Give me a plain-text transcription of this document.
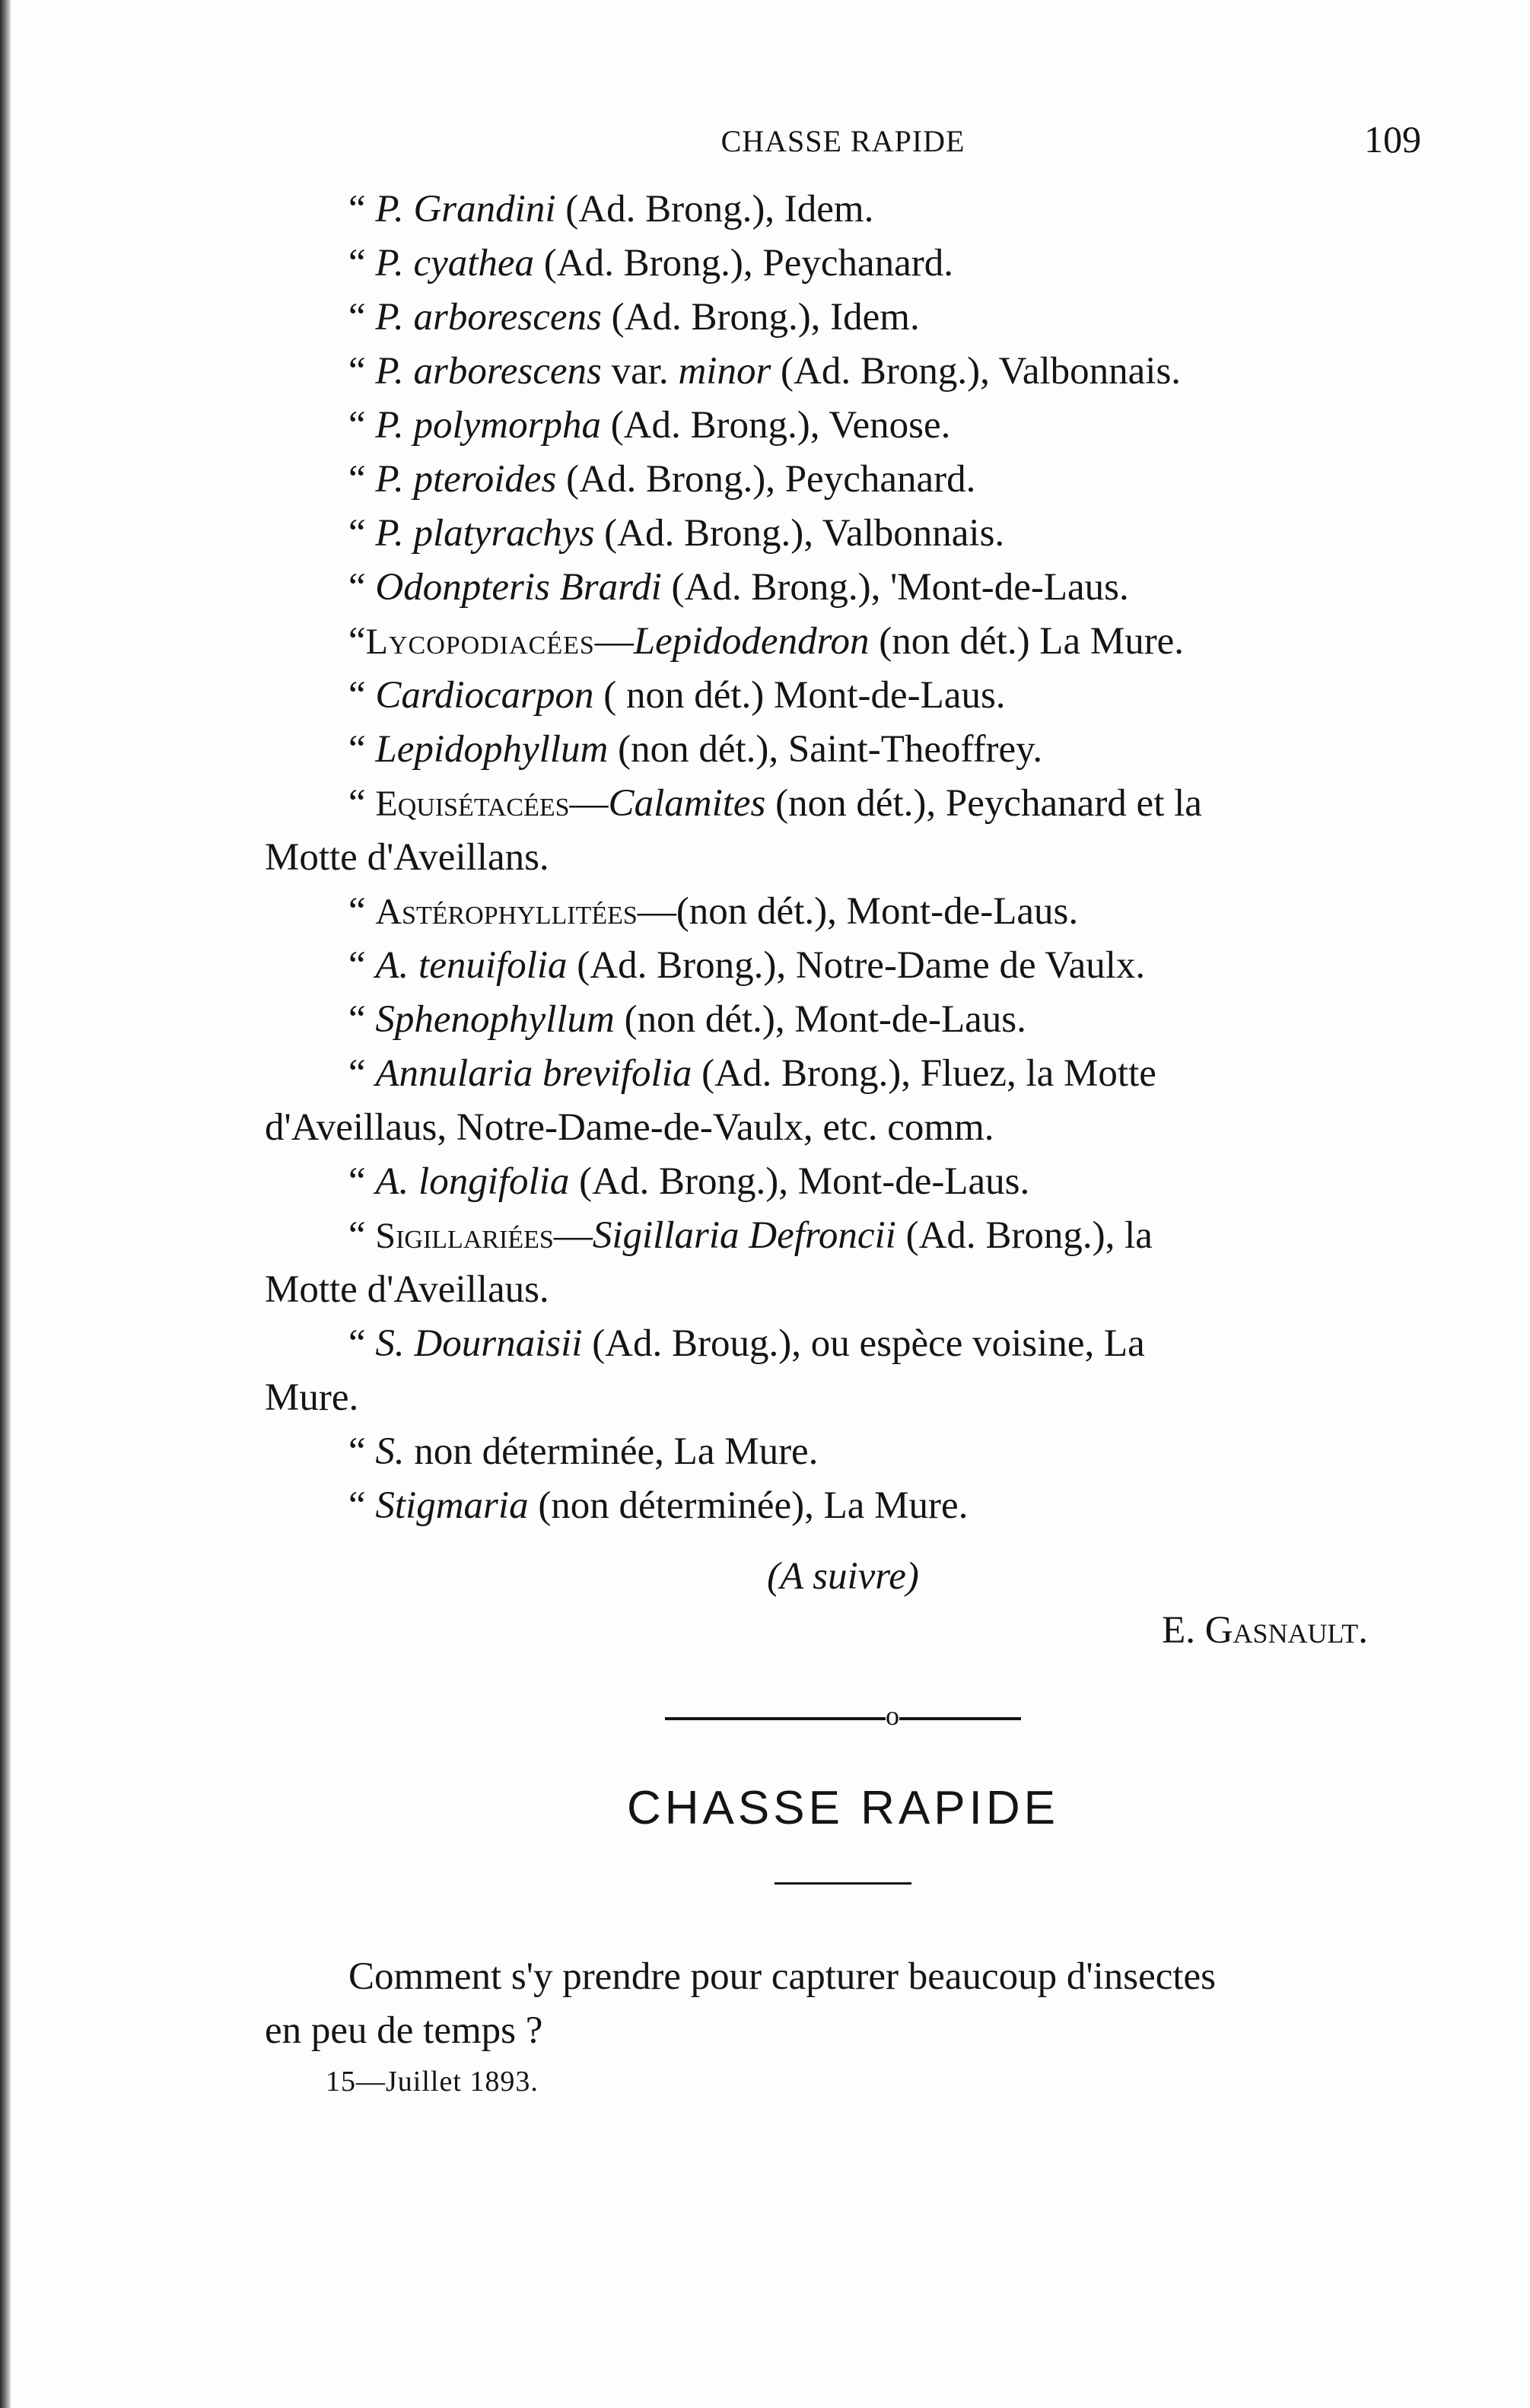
CHASSE RAPIDE	109
“ P. Grandini (Ad. Brong.), Idem.
“ P. cyathea (Ad. Brong.), Peychanard.
“ P. arborescens (Ad. Brong.), Idem.
“ P. arborescens var. minor (Ad. Brong.), Valbonnais.
“ P. polymorpha (Ad. Brong.), Venose.
“ P. pteroides (Ad. Brong.), Peychanard.
“ P. platyrachys (Ad. Brong.), Valbonnais.
“ Odonpteris Brardi (Ad. Brong.), 'Mont-de-Laus.
“Lycopodiacées—Lepidodendron (non dét.) La Mure.
“ Cardiocarpon ( non dét.) Mont-de-Laus.
“ Lepidophyllum (non dét.), Saint-Theoffrey.
“ Equisétacées—Calamites (non dét.), Peychanard et la
Motte d'Aveillans.
“ Astérophyllitées—(non dét.), Mont-de-Laus.
“ A. tenuifolia (Ad. Brong.), Notre-Dame de Vaulx.
“ Sphenophyllum (non dét.), Mont-de-Laus.
“ Annularia brevifolia (Ad. Brong.), Fluez, la Motte
d'Aveillaus, Notre-Dame-de-Vaulx, etc. comm.
“ A. longifolia (Ad. Brong.), Mont-de-Laus.
“ Sigillariées—Sigillaria Defroncii (Ad. Brong.), la
Motte d'Aveillaus.
“ S. Dournaisii (Ad. Broug.), ou espèce voisine, La
Mure.
“ S. non déterminée, La Mure.
“ Stigmaria (non déterminée), La Mure.
(A suivre)
E. Gasnault.
o
CHASSE RAPIDE
Comment s'y prendre pour capturer beaucoup d'insectes
en peu de temps ?
15—Juillet 1893.
